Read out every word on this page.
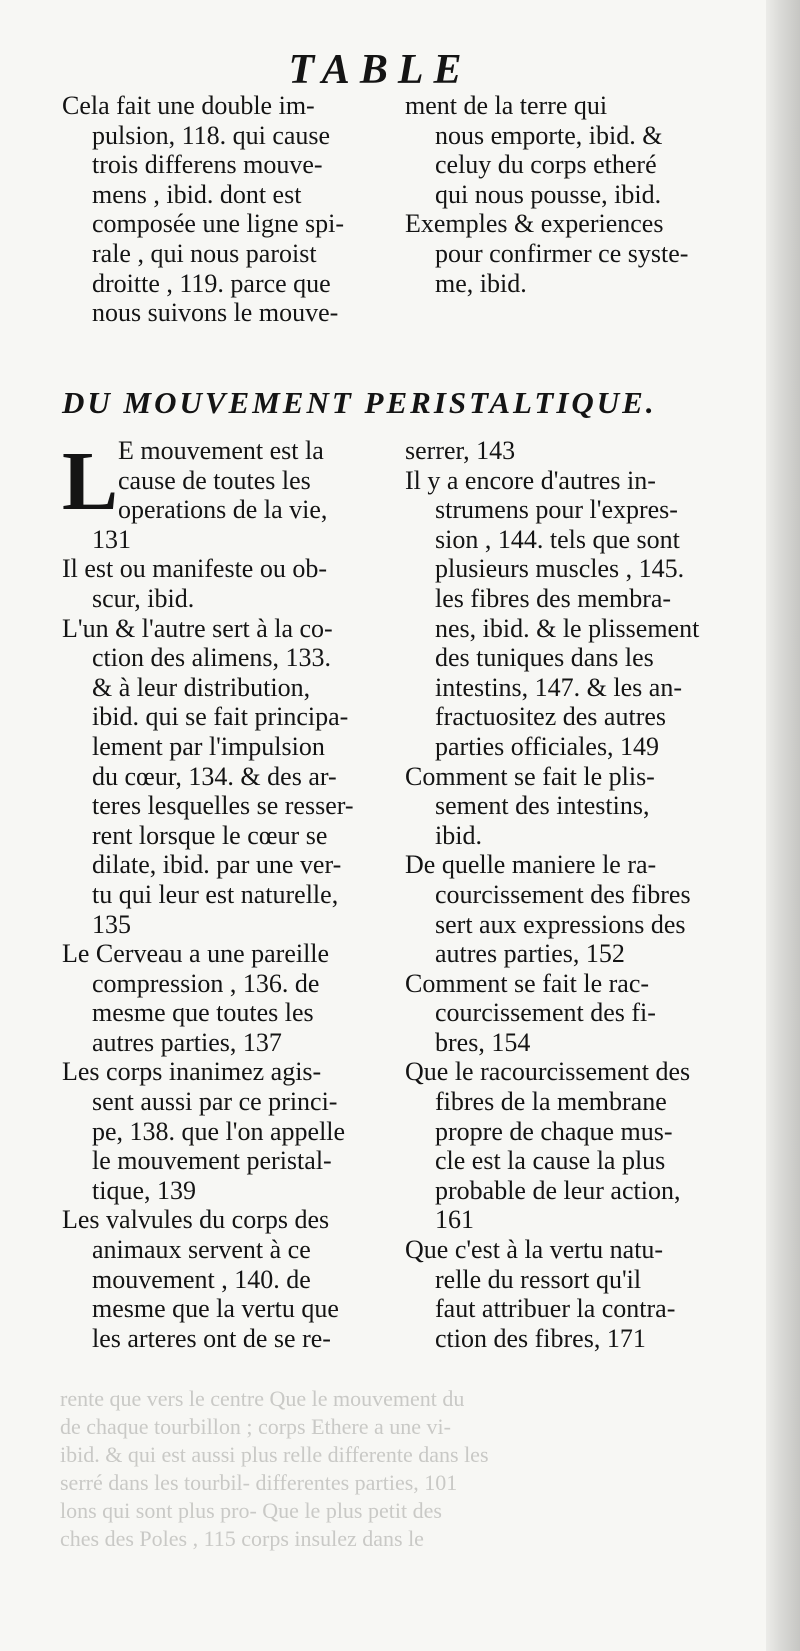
rente que vers le centre Que le mouvement du
de chaque tourbillon ; corps Ethere a une vi-
ibid. & qui est aussi plus relle differente dans les
serré dans les tourbil- differentes parties, 101
lons qui sont plus pro- Que le plus petit des
ches des Poles , 115 corps insulez dans le
TABLE
Cela fait une double im-
pulsion, 118. qui cause
trois differens mouve-
mens , ibid. dont est
composée une ligne spi-
rale , qui nous paroist
droitte , 119. parce que
nous suivons le mouve-
ment de la terre qui
nous emporte, ibid. &
celuy du corps etheré
qui nous pousse, ibid.
Exemples & experiences
pour confirmer ce syste-
me, ibid.
DU MOUVEMENT PERISTALTIQUE.
L E mouvement est la
cause de toutes les
operations de la vie,
131
Il est ou manifeste ou ob-
scur, ibid.
L'un & l'autre sert à la co-
ction des alimens, 133.
& à leur distribution,
ibid. qui se fait principa-
lement par l'impulsion
du cœur, 134. & des ar-
teres lesquelles se resser-
rent lorsque le cœur se
dilate, ibid. par une ver-
tu qui leur est naturelle,
135
Le Cerveau a une pareille
compression , 136. de
mesme que toutes les
autres parties, 137
Les corps inanimez agis-
sent aussi par ce princi-
pe, 138. que l'on appelle
le mouvement peristal-
tique, 139
Les valvules du corps des
animaux servent à ce
mouvement , 140. de
mesme que la vertu que
les arteres ont de se re-
serrer, 143
Il y a encore d'autres in-
strumens pour l'expres-
sion , 144. tels que sont
plusieurs muscles , 145.
les fibres des membra-
nes, ibid. & le plissement
des tuniques dans les
intestins, 147. & les an-
fractuositez des autres
parties officiales, 149
Comment se fait le plis-
sement des intestins,
ibid.
De quelle maniere le ra-
courcissement des fibres
sert aux expressions des
autres parties, 152
Comment se fait le rac-
courcissement des fi-
bres, 154
Que le racourcissement des
fibres de la membrane
propre de chaque mus-
cle est la cause la plus
probable de leur action,
161
Que c'est à la vertu natu-
relle du ressort qu'il
faut attribuer la contra-
ction des fibres, 171
